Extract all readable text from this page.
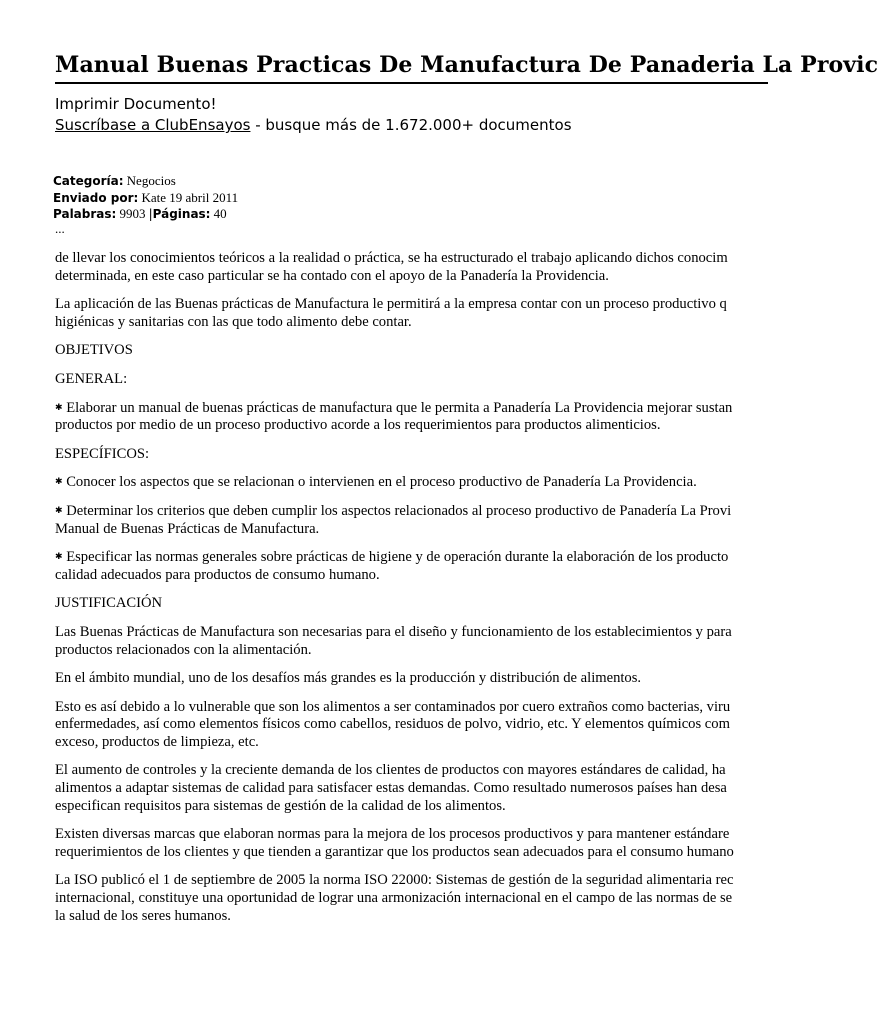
Manual Buenas Practicas De Manufactura De Panaderia La Provic
Imprimir Documento!
Suscríbase a ClubEnsayos - busque más de 1.672.000+ documentos
Categoría: Negocios
Enviado por: Kate 19 abril 2011
Palabras: 9903 |Páginas: 40
...

de llevar los conocimientos teóricos a la realidad o práctica, se ha estructurado el trabajo aplicando dichos conocim
determinada, en este caso particular se ha contado con el apoyo de la Panadería la Providencia.

La aplicación de las Buenas prácticas de Manufactura le permitirá a la empresa contar con un proceso productivo q
higiénicas y sanitarias con las que todo alimento debe contar.

OBJETIVOS

GENERAL:

✱ Elaborar un manual de buenas prácticas de manufactura que le permita a Panadería La Providencia mejorar sustan
productos por medio de un proceso productivo acorde a los requerimientos para productos alimenticios.

ESPECÍFICOS:

✱ Conocer los aspectos que se relacionan o intervienen en el proceso productivo de Panadería La Providencia.

✱ Determinar los criterios que deben cumplir los aspectos relacionados al proceso productivo de Panadería La Provi
Manual de Buenas Prácticas de Manufactura.

✱ Especificar las normas generales sobre prácticas de higiene y de operación durante la elaboración de los producto
calidad adecuados para productos de consumo humano.

JUSTIFICACIÓN

Las Buenas Prácticas de Manufactura son necesarias para el diseño y funcionamiento de los establecimientos y para
productos relacionados con la alimentación.

En el ámbito mundial, uno de los desafíos más grandes es la producción y distribución de alimentos.

Esto es así debido a lo vulnerable que son los alimentos a ser contaminados por cuero extraños como bacterias, viru
enfermedades, así como elementos físicos como cabellos, residuos de polvo, vidrio, etc. Y elementos químicos com
exceso, productos de limpieza, etc.

El aumento de controles y la creciente demanda de los clientes de productos con mayores estándares de calidad, ha
alimentos a adaptar sistemas de calidad para satisfacer estas demandas. Como resultado numerosos países han desa
especifican requisitos para sistemas de gestión de la calidad de los alimentos.

Existen diversas marcas que elaboran normas para la mejora de los procesos productivos y para mantener estándare
requerimientos de los clientes y que tienden a garantizar que los productos sean adecuados para el consumo humano

La ISO publicó el 1 de septiembre de 2005 la norma ISO 22000: Sistemas de gestión de la seguridad alimentaria rec
internacional, constituye una oportunidad de lograr una armonización internacional en el campo de las normas de se
la salud de los seres humanos.
